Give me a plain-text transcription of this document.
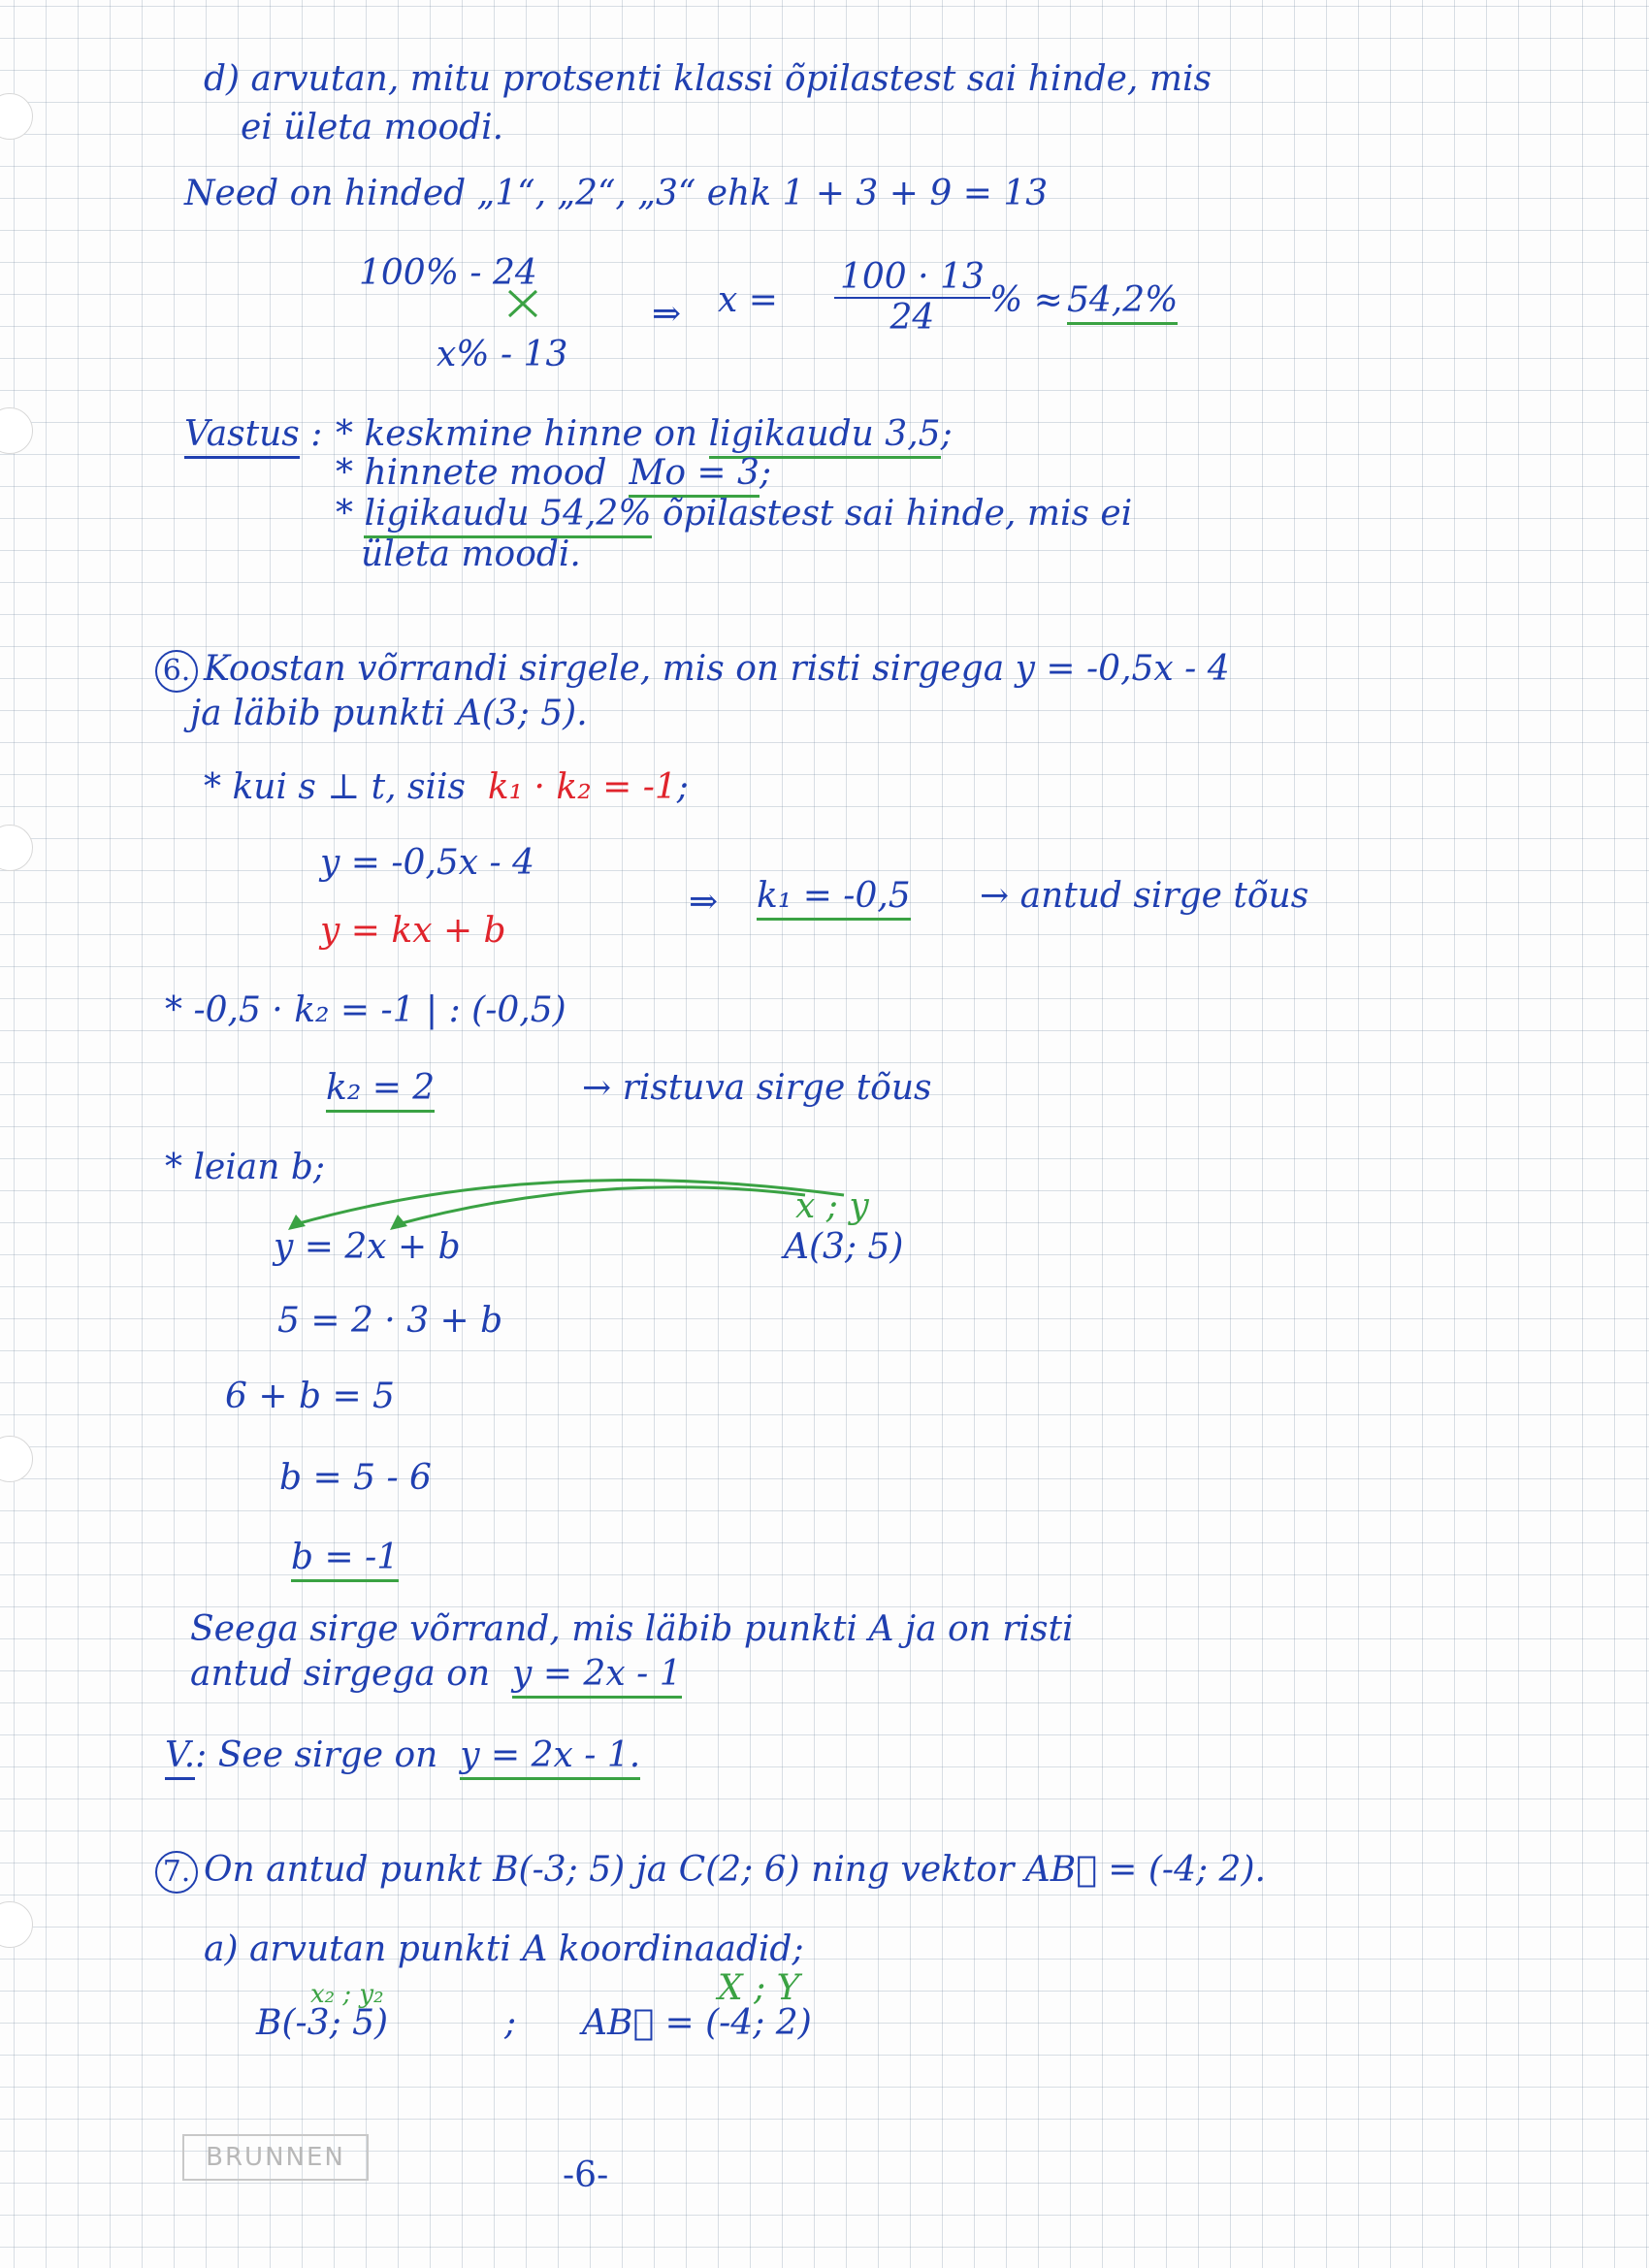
d) arvutan, mitu protsenti klassi õpilastest sai hinde, mis
ei ületa moodi.
Need on hinded „1“, „2“, „3“ ehk 1 + 3 + 9 = 13
100% - 24
x% - 13
⇒ $x = \frac{100 \cdot 13}{24}$ % ≈ 54,2%
Vastus : * keskmine hinne on ligikaudu 3,5;
* hinnete mood Mo = 3;
* ligikaudu 54,2% õpilastest sai hinde, mis ei
ületa moodi.
6. Koostan võrrandi sirgele, mis on risti sirgega y = -0,5x - 4
ja läbib punkti A(3; 5).
* kui s ⊥ t, siis k₁ · k₂ = -1;
y = -0,5x - 4
y = kx + b
⇒ k₁ = -0,5 → antud sirge tõus
* -0,5 · k₂ = -1 | : (-0,5)
k₂ = 2	→ ristuva sirge tõus
* leian b;
x ; y
y = 2x + b	A(3; 5)
5 = 2 · 3 + b
6 + b = 5
b = 5 - 6
b = -1
Seega sirge võrrand, mis läbib punkti A ja on risti
antud sirgega on y = 2x - 1
V.: See sirge on y = 2x - 1.
7. On antud punkt B(-3; 5) ja C(2; 6) ning vektor AB⃗ = (-4; 2).
a) arvutan punkti A koordinaadid;
x₂ ; y₂
B(-3; 5)	;
X ; Y
AB⃗ = (-4; 2)
BRUNNEN	-6-
